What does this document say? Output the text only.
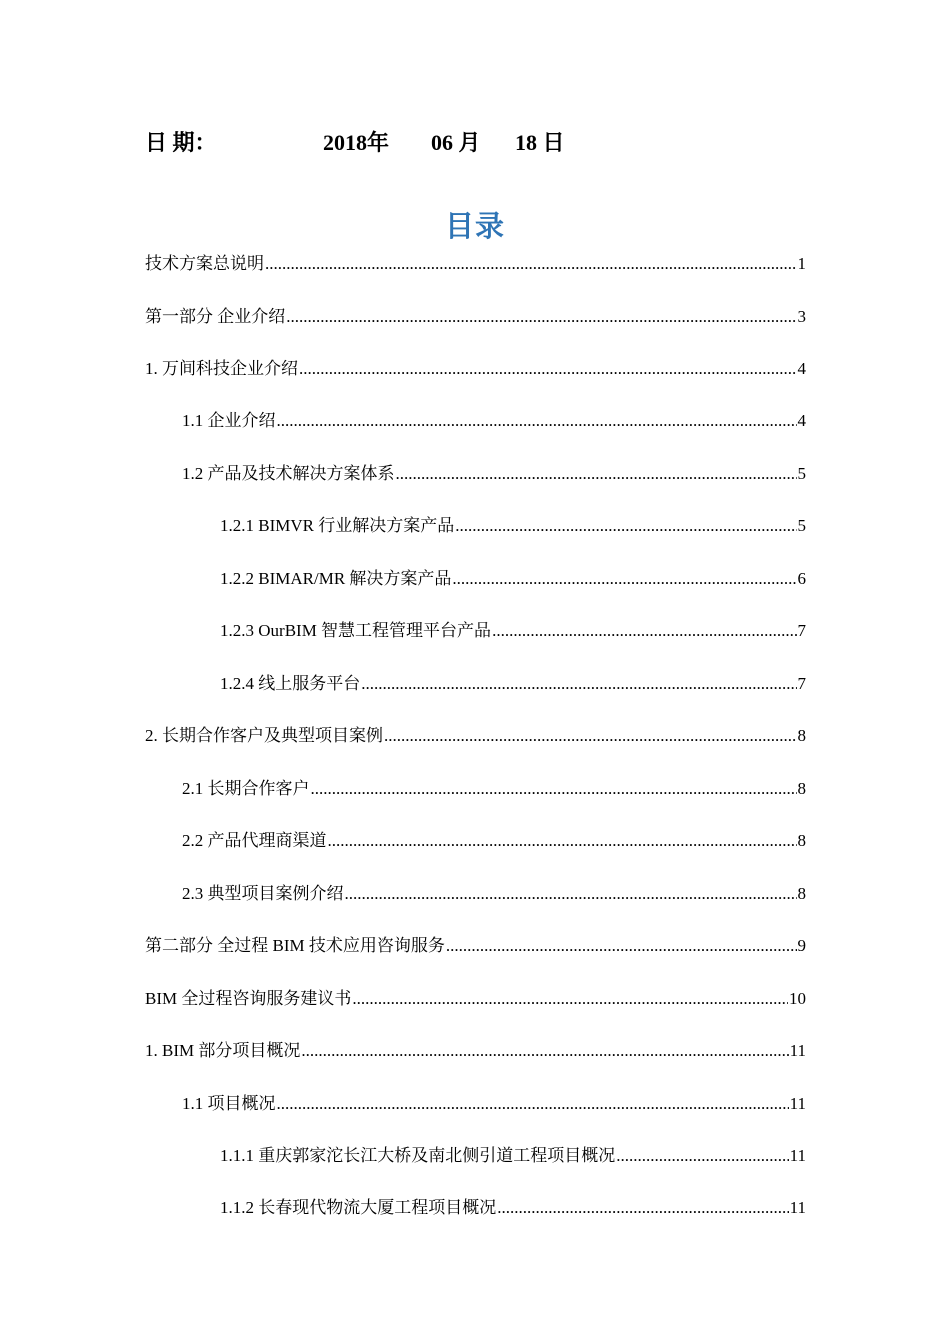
日 期：	2018年 06 月 18 日
目录
技术方案总说明 .....	1
第一部分 企业介绍 .....	3
1. 万间科技企业介绍 .....	4
1.1 企业介绍 .....	4
1.2 产品及技术解决方案体系 .....	5
1.2.1 BIMVR 行业解决方案产品 .....	5
1.2.2 BIMAR/MR 解决方案产品 .....	6
1.2.3 OurBIM 智慧工程管理平台产品 .....	7
1.2.4 线上服务平台 .....	7
2. 长期合作客户及典型项目案例 .....	8
2.1 长期合作客户 .....	8
2.2 产品代理商渠道 .....	8
2.3 典型项目案例介绍 .....	8
第二部分 全过程 BIM 技术应用咨询服务 .....	9
BIM 全过程咨询服务建议书 .....	10
1. BIM 部分项目概况 .....	11
1.1 项目概况 .....	11
1.1.1 重庆郭家沱长江大桥及南北侧引道工程项目概况 .....	11
1.1.2 长春现代物流大厦工程项目概况 .....	11
